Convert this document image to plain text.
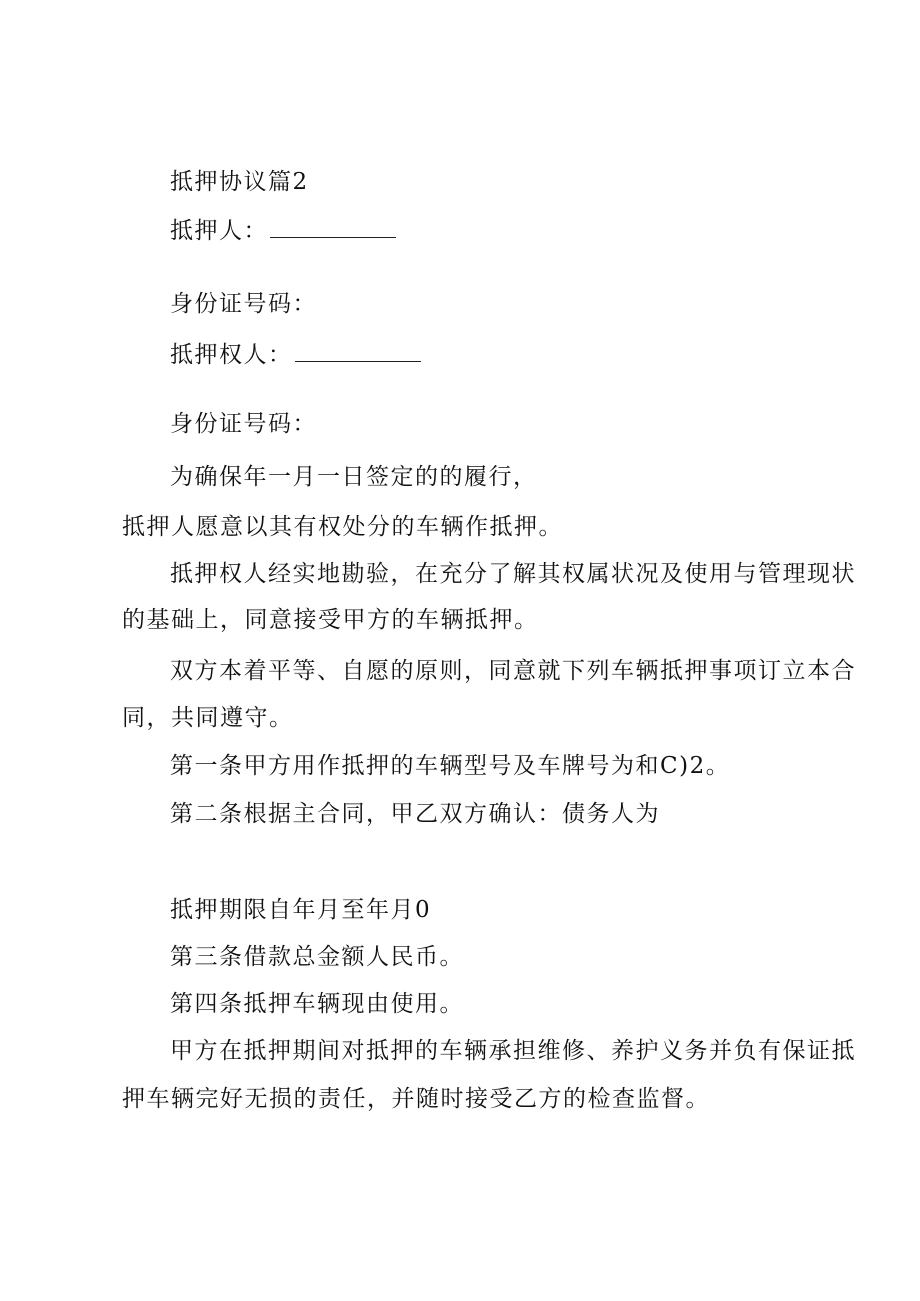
抵押协议篇2
抵押人：
身份证号码：
抵押权人：
身份证号码：
为确保年一月一日签定的的履行，
抵押人愿意以其有权处分的车辆作抵押。
抵押权人经实地勘验，在充分了解其权属状况及使用与管理现状
的基础上，同意接受甲方的车辆抵押。
双方本着平等、自愿的原则，同意就下列车辆抵押事项订立本合
同，共同遵守。
第一条甲方用作抵押的车辆型号及车牌号为和C)2。
第二条根据主合同，甲乙双方确认：债务人为
抵押期限自年月至年月0
第三条借款总金额人民币。
第四条抵押车辆现由使用。
甲方在抵押期间对抵押的车辆承担维修、养护义务并负有保证抵
押车辆完好无损的责任，并随时接受乙方的检查监督。
